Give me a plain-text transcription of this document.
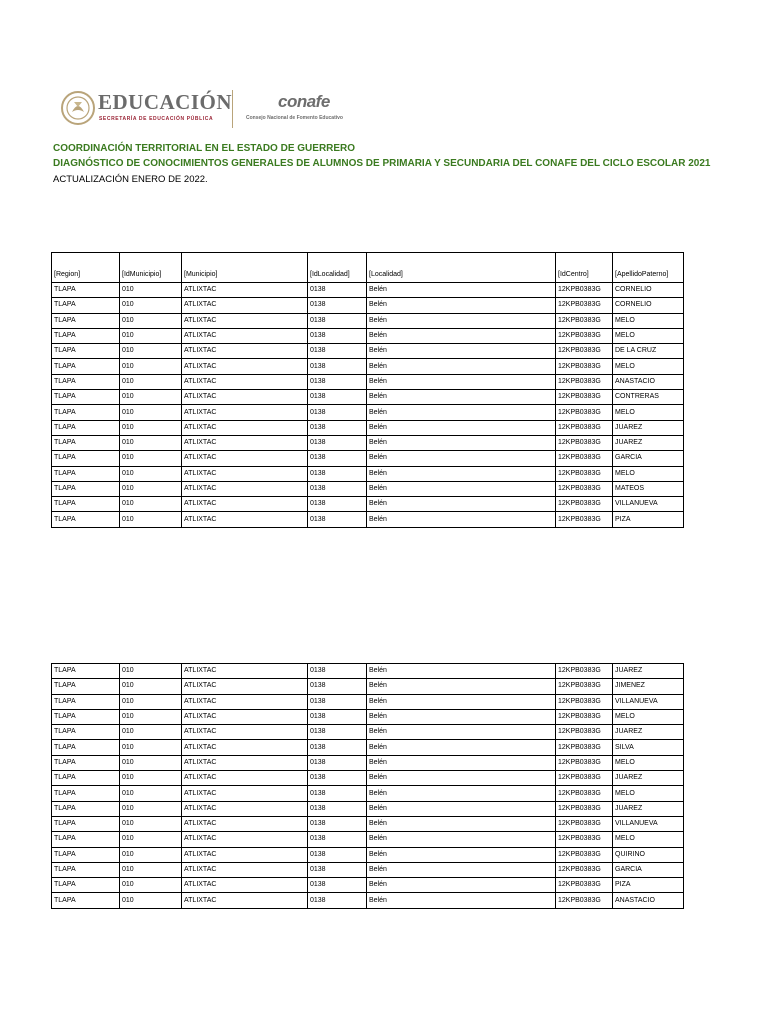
EDUCACIÓN
SECRETARÍA DE EDUCACIÓN PÚBLICA
conafe
Consejo Nacional de Fomento Educativo
COORDINACIÓN TERRITORIAL EN EL ESTADO DE GUERRERO
DIAGNÓSTICO DE CONOCIMIENTOS GENERALES DE ALUMNOS DE PRIMARIA Y SECUNDARIA DEL CONAFE DEL CICLO ESCOLAR 2021
ACTUALIZACIÓN ENERO DE 2022.
[Region]	[IdMunicipio]	[Municipio]	[IdLocalidad]	[Localidad]	[IdCentro]	[ApellidoPaterno]
TLAPA	010	ATLIXTAC	0138	Belén	12KPB0383G	CORNELIO
TLAPA	010	ATLIXTAC	0138	Belén	12KPB0383G	CORNELIO
TLAPA	010	ATLIXTAC	0138	Belén	12KPB0383G	MELO
TLAPA	010	ATLIXTAC	0138	Belén	12KPB0383G	MELO
TLAPA	010	ATLIXTAC	0138	Belén	12KPB0383G	DE LA CRUZ
TLAPA	010	ATLIXTAC	0138	Belén	12KPB0383G	MELO
TLAPA	010	ATLIXTAC	0138	Belén	12KPB0383G	ANASTACIO
TLAPA	010	ATLIXTAC	0138	Belén	12KPB0383G	CONTRERAS
TLAPA	010	ATLIXTAC	0138	Belén	12KPB0383G	MELO
TLAPA	010	ATLIXTAC	0138	Belén	12KPB0383G	JUAREZ
TLAPA	010	ATLIXTAC	0138	Belén	12KPB0383G	JUAREZ
TLAPA	010	ATLIXTAC	0138	Belén	12KPB0383G	GARCIA
TLAPA	010	ATLIXTAC	0138	Belén	12KPB0383G	MELO
TLAPA	010	ATLIXTAC	0138	Belén	12KPB0383G	MATEOS
TLAPA	010	ATLIXTAC	0138	Belén	12KPB0383G	VILLANUEVA
TLAPA	010	ATLIXTAC	0138	Belén	12KPB0383G	PIZA
TLAPA	010	ATLIXTAC	0138	Belén	12KPB0383G	JUAREZ
TLAPA	010	ATLIXTAC	0138	Belén	12KPB0383G	JIMENEZ
TLAPA	010	ATLIXTAC	0138	Belén	12KPB0383G	VILLANUEVA
TLAPA	010	ATLIXTAC	0138	Belén	12KPB0383G	MELO
TLAPA	010	ATLIXTAC	0138	Belén	12KPB0383G	JUAREZ
TLAPA	010	ATLIXTAC	0138	Belén	12KPB0383G	SILVA
TLAPA	010	ATLIXTAC	0138	Belén	12KPB0383G	MELO
TLAPA	010	ATLIXTAC	0138	Belén	12KPB0383G	JUAREZ
TLAPA	010	ATLIXTAC	0138	Belén	12KPB0383G	MELO
TLAPA	010	ATLIXTAC	0138	Belén	12KPB0383G	JUAREZ
TLAPA	010	ATLIXTAC	0138	Belén	12KPB0383G	VILLANUEVA
TLAPA	010	ATLIXTAC	0138	Belén	12KPB0383G	MELO
TLAPA	010	ATLIXTAC	0138	Belén	12KPB0383G	QUIRINO
TLAPA	010	ATLIXTAC	0138	Belén	12KPB0383G	GARCIA
TLAPA	010	ATLIXTAC	0138	Belén	12KPB0383G	PIZA
TLAPA	010	ATLIXTAC	0138	Belén	12KPB0383G	ANASTACIO
